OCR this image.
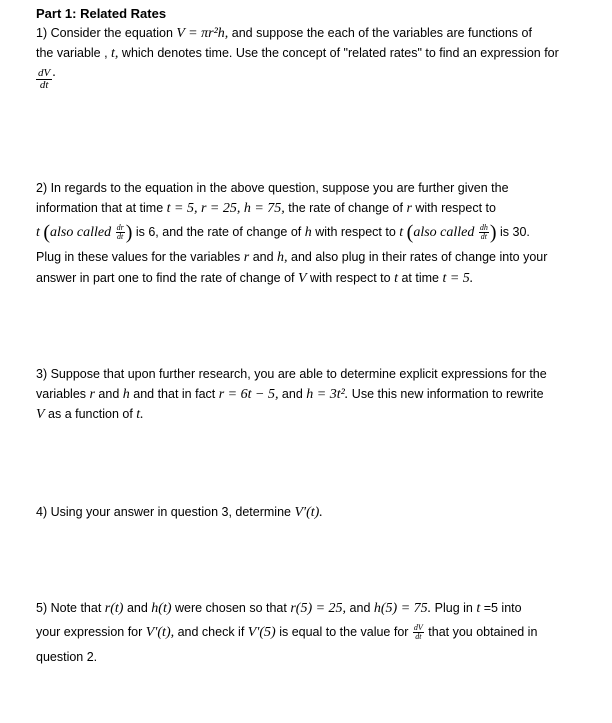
Part 1: Related Rates
1) Consider the equation V = πr²h, and suppose the each of the variables are functions of
the variable , t, which denotes time. Use the concept of "related rates" to find an expression for
$\frac{dV}{dt}$ .
2) In regards to the equation in the above question, suppose you are further given the
information that at time t = 5, r = 25, h = 75, the rate of change of r with respect to
t (also called $\frac{dr}{dt}$ ) is 6, and the rate of change of h with respect to t (also called $\frac{dh}{dt}$ ) is 30.
Plug in these values for the variables r and h, and also plug in their rates of change into your
answer in part one to find the rate of change of V with respect to t at time t = 5.
3) Suppose that upon further research, you are able to determine explicit expressions for the
variables r and h and that in fact r = 6t − 5, and h = 3t². Use this new information to rewrite
V as a function of t.
4) Using your answer in question 3, determine V′(t).
5) Note that r(t) and h(t) were chosen so that r(5) = 25, and h(5) = 75. Plug in t =5 into
your expression for V′(t), and check if V′(5) is equal to the value for $\frac{dV}{dt}$ that you obtained in
question 2.
